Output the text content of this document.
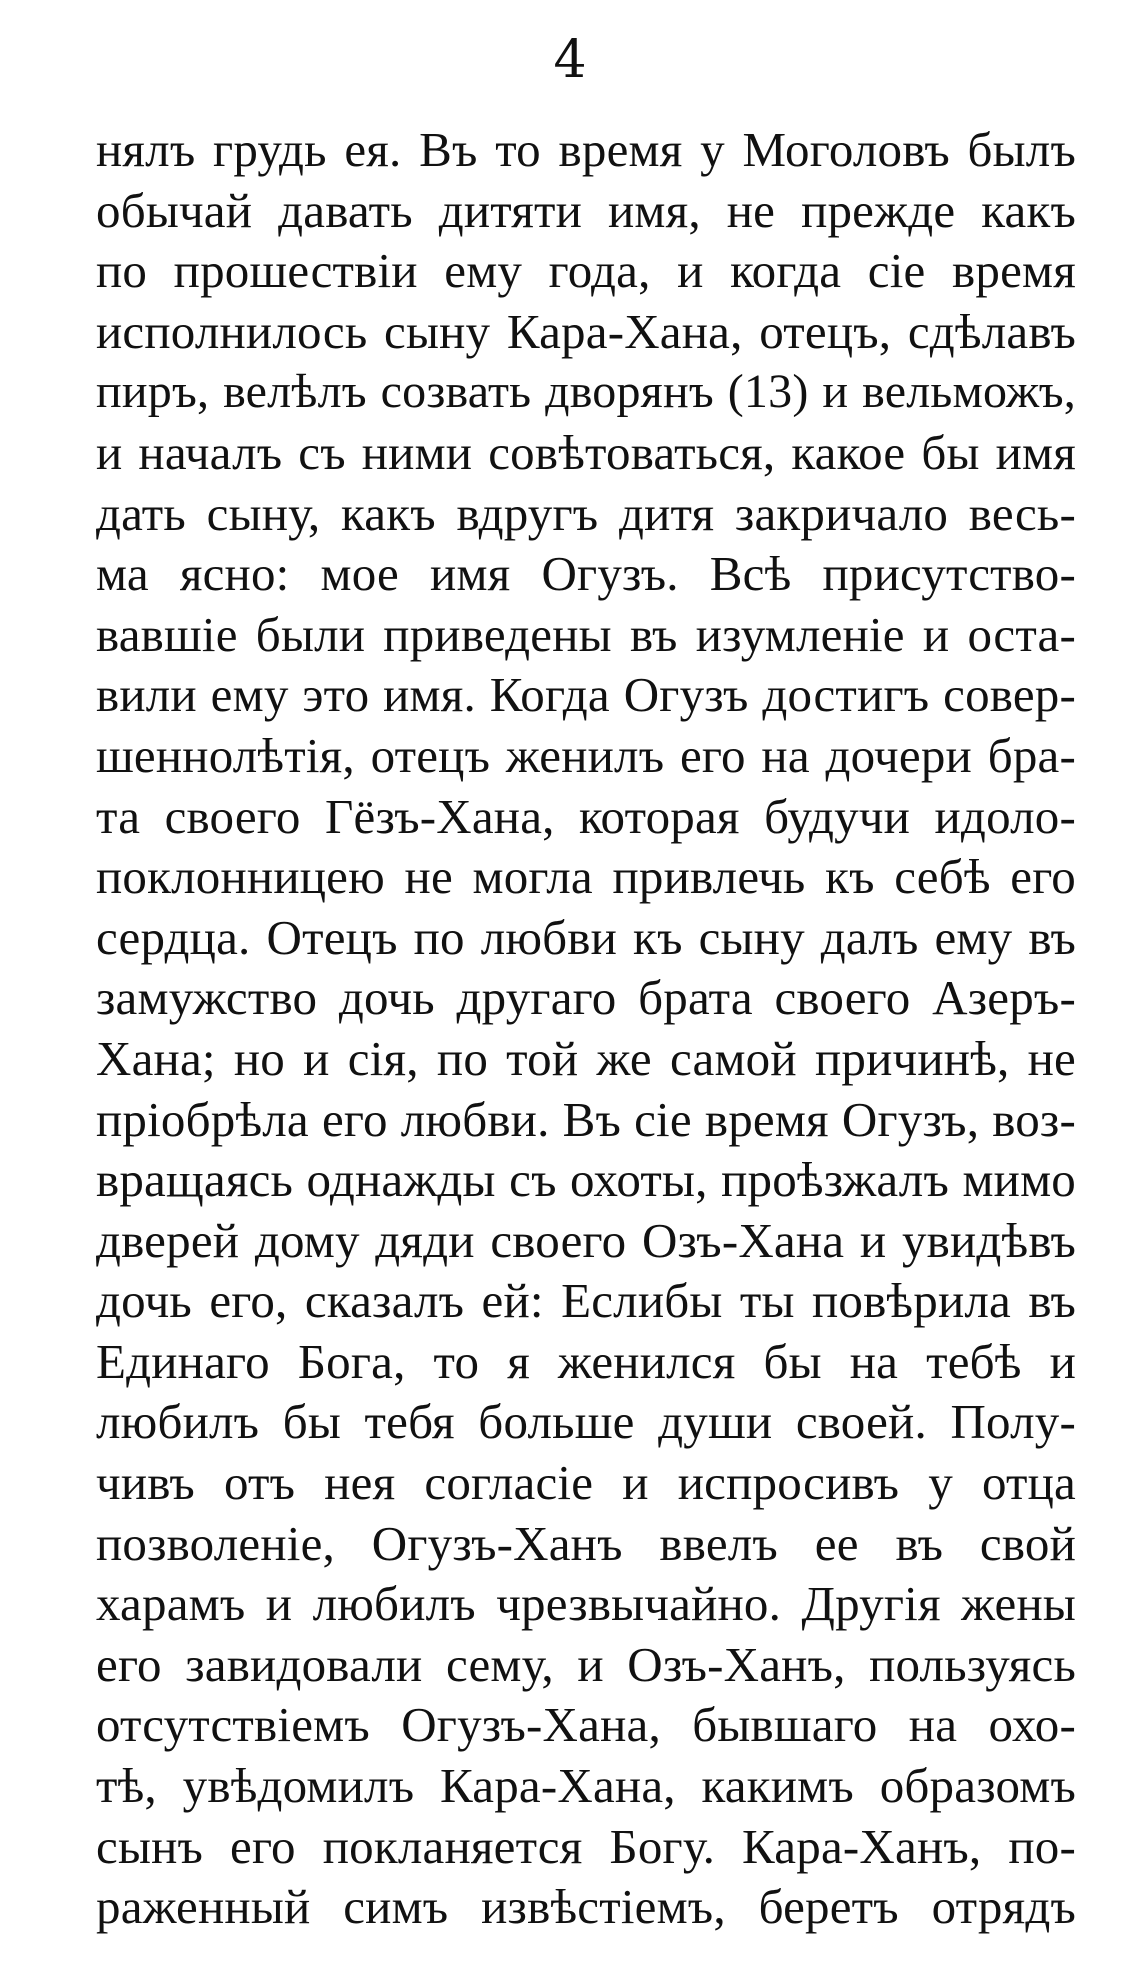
4
нялъ грудь ея. Въ то время у Моголовъ былъ
обычай давать дитяти имя, не прежде какъ
по прошествіи ему года, и когда сіе время
исполнилось сыну Кара-Хана, отецъ, сдѣлавъ
пиръ, велѣлъ созвать дворянъ (13) и вельможъ,
и началъ съ ними совѣтоваться, какое бы имя
дать сыну, какъ вдругъ дитя закричало весь-
ма ясно: мое имя Огузъ. Всѣ присутство-
вавшіе были приведены въ изумленіе и оста-
вили ему это имя. Когда Огузъ достигъ совер-
шеннолѣтія, отецъ женилъ его на дочери бра-
та своего Гёзъ-Хана, которая будучи идоло-
поклонницею не могла привлечь къ себѣ его
сердца. Отецъ по любви къ сыну далъ ему въ
замужство дочь другаго брата своего Азеръ-
Хана; но и сія, по той же самой причинѣ, не
пріобрѣла его любви. Въ сіе время Огузъ, воз-
вращаясь однажды съ охоты, проѣзжалъ мимо
дверей дому дяди своего Озъ-Хана и увидѣвъ
дочь его, сказалъ ей: Еслибы ты повѣрила въ
Единаго Бога, то я женился бы на тебѣ и
любилъ бы тебя больше души своей. Полу-
чивъ отъ нея согласіе и испросивъ у отца
позволеніе, Огузъ-Ханъ ввелъ ее въ свой
харамъ и любилъ чрезвычайно. Другія жены
его завидовали сему, и Озъ-Ханъ, пользуясь
отсутствіемъ Огузъ-Хана, бывшаго на охо-
тѣ, увѣдомилъ Кара-Хана, какимъ образомъ
сынъ его покланяется Богу. Кара-Ханъ, по-
раженный симъ извѣстіемъ, беретъ отрядъ
